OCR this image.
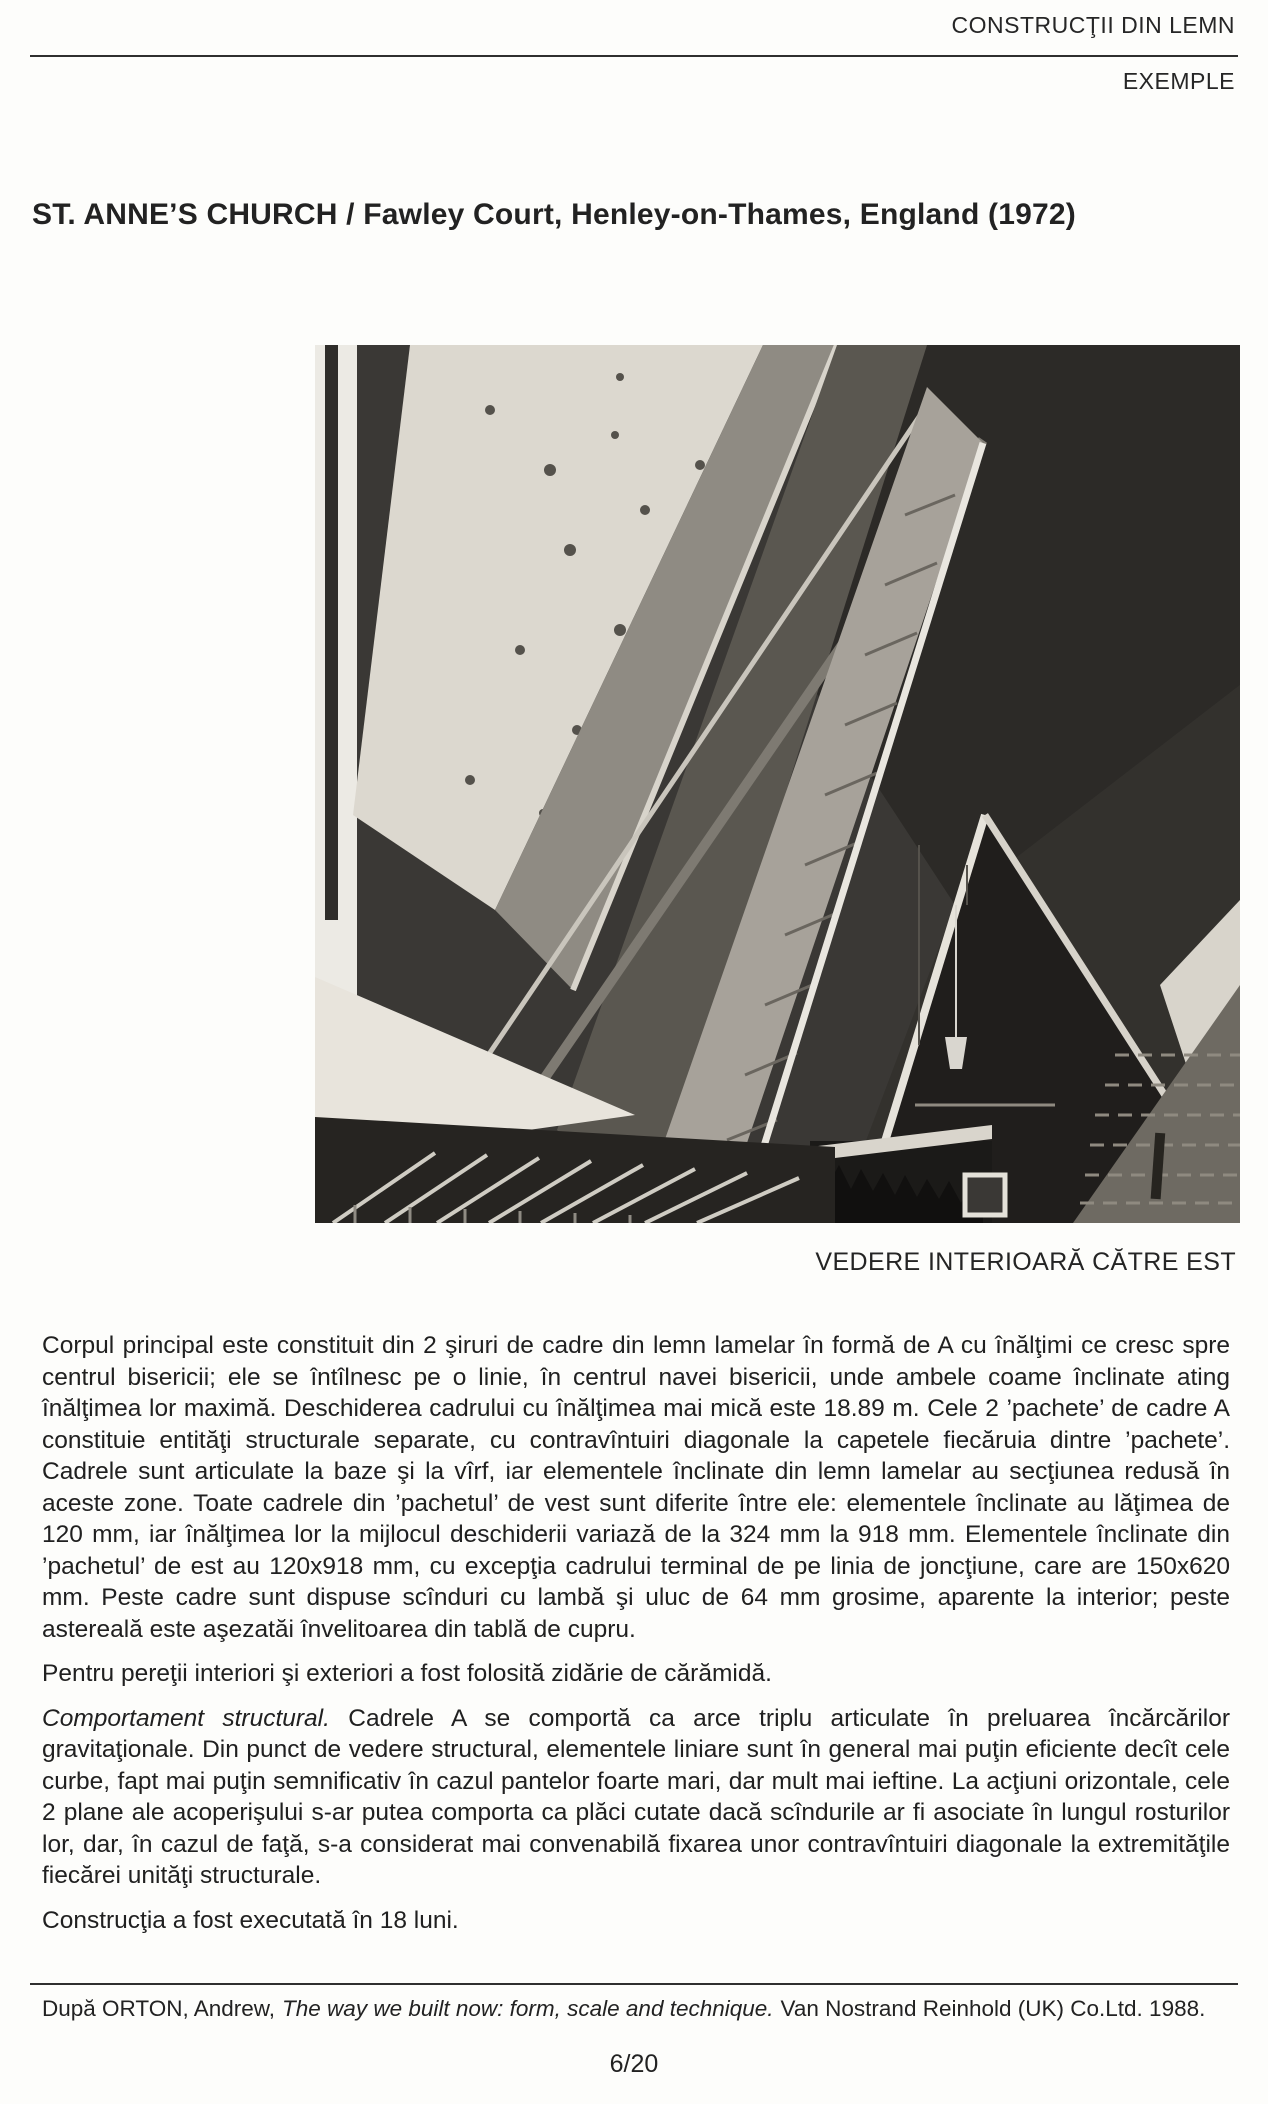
CONSTRUCŢII DIN LEMN
EXEMPLE
ST. ANNE’S CHURCH / Fawley Court, Henley-on-Thames, England (1972)
VEDERE INTERIOARĂ CĂTRE EST

Corpul principal este constituit din 2 şiruri de cadre din lemn lamelar în formă de A cu înălţimi ce cresc spre centrul bisericii; ele se întîlnesc pe o linie, în centrul navei bisericii, unde ambele coame înclinate ating înălţimea lor maximă. Deschiderea cadrului cu înălţimea mai mică este 18.89 m. Cele 2 ’pachete’ de cadre A constituie entităţi structurale separate, cu contravîntuiri diagonale la capetele fiecăruia dintre ’pachete’. Cadrele sunt articulate la baze şi la vîrf, iar elementele înclinate din lemn lamelar au secţiunea redusă în aceste zone. Toate cadrele din ’pachetul’ de vest sunt diferite între ele: elementele înclinate au lăţimea de 120 mm, iar înălţimea lor la mijlocul deschiderii variază de la 324 mm la 918 mm. Elementele înclinate din ’pachetul’ de est au 120x918 mm, cu excepţia cadrului terminal de pe linia de joncţiune, care are 150x620 mm. Peste cadre sunt dispuse scînduri cu lambă şi uluc de 64 mm grosime, aparente la interior; peste astereală este aşezatăi învelitoarea din tablă de cupru.

Pentru pereţii interiori şi exteriori a fost folosită zidărie de cărămidă.

Comportament structural. Cadrele A se comportă ca arce triplu articulate în preluarea încărcărilor gravitaţionale. Din punct de vedere structural, elementele liniare sunt în general mai puţin eficiente decît cele curbe, fapt mai puţin semnificativ în cazul pantelor foarte mari, dar mult mai ieftine. La acţiuni orizontale, cele 2 plane ale acoperişului s-ar putea comporta ca plăci cutate dacă scîndurile ar fi asociate în lungul rosturilor lor, dar, în cazul de faţă, s-a considerat mai convenabilă fixarea unor contravîntuiri diagonale la extremităţile fiecărei unităţi structurale.

Construcţia a fost executată în 18 luni.

După ORTON, Andrew, The way we built now: form, scale and technique. Van Nostrand Reinhold (UK) Co.Ltd. 1988.
6/20
